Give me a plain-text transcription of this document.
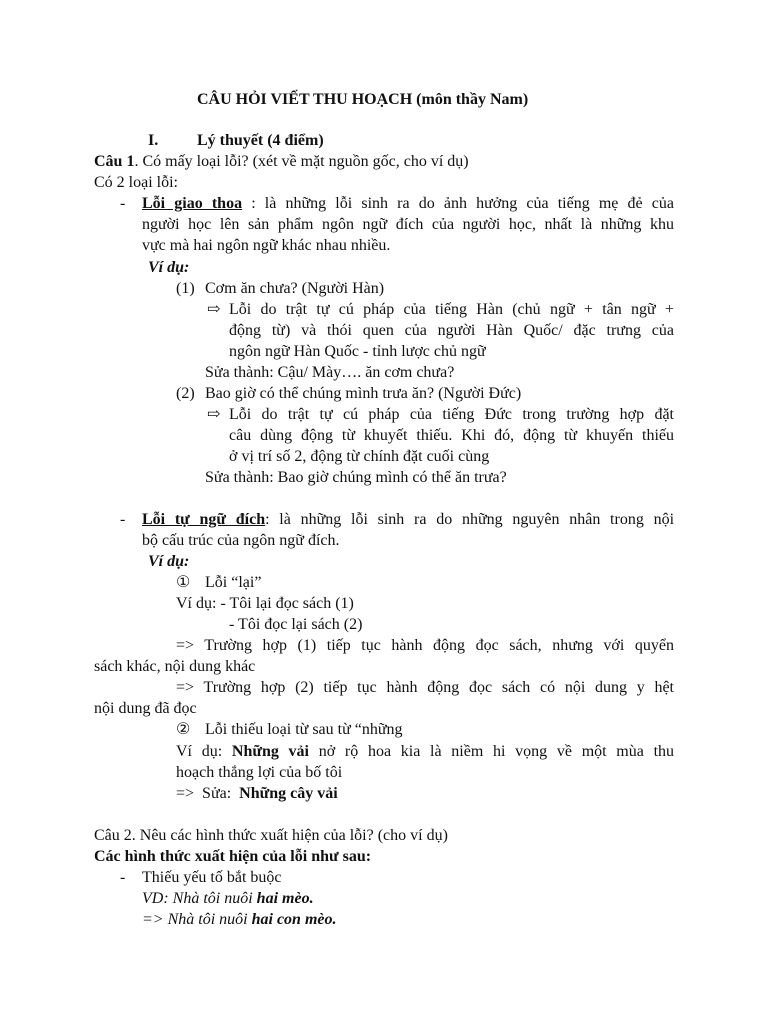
CÂU HỎI VIẾT THU HOẠCH (môn thầy Nam)
I. Lý thuyết (4 điểm)
Câu 1. Có mấy loại lỗi? (xét về mặt nguồn gốc, cho ví dụ)
Có 2 loại lỗi:
- Lỗi giao thoa : là những lỗi sinh ra do ảnh hưởng của tiếng mẹ đẻ của
người học lên sản phẩm ngôn ngữ đích của người học, nhất là những khu
vực mà hai ngôn ngữ khác nhau nhiều.
Ví dụ:
(1) Cơm ăn chưa? (Người Hàn)
⇨ Lỗi do trật tự cú pháp của tiếng Hàn (chủ ngữ + tân ngữ +
động từ) và thói quen của người Hàn Quốc/ đặc trưng của
ngôn ngữ Hàn Quốc - tỉnh lược chủ ngữ
Sửa thành: Cậu/ Mày…. ăn cơm chưa?
(2) Bao giờ có thể chúng mình trưa ăn? (Người Đức)
⇨ Lỗi do trật tự cú pháp của tiếng Đức trong trường hợp đặt
câu dùng động từ khuyết thiếu. Khi đó, động từ khuyến thiếu
ở vị trí số 2, động từ chính đặt cuối cùng
Sửa thành: Bao giờ chúng mình có thể ăn trưa?
- Lỗi tự ngữ đích: là những lỗi sinh ra do những nguyên nhân trong nội
bộ cấu trúc của ngôn ngữ đích.
Ví dụ:
① Lỗi “lại”
Ví dụ: - Tôi lại đọc sách (1)
- Tôi đọc lại sách (2)
=> Trường hợp (1) tiếp tục hành động đọc sách, nhưng với quyển
sách khác, nội dung khác
=> Trường hợp (2) tiếp tục hành động đọc sách có nội dung y hệt
nội dung đã đọc
② Lỗi thiếu loại từ sau từ “những
Ví dụ: Những vải nở rộ hoa kia là niềm hi vọng về một mùa thu
hoạch thắng lợi của bố tôi
=>  Sửa:  Những cây vải
Câu 2. Nêu các hình thức xuất hiện của lỗi? (cho ví dụ)
Các hình thức xuất hiện của lỗi như sau:
- Thiếu yếu tố bắt buộc
VD: Nhà tôi nuôi hai mèo.
=> Nhà tôi nuôi hai con mèo.
